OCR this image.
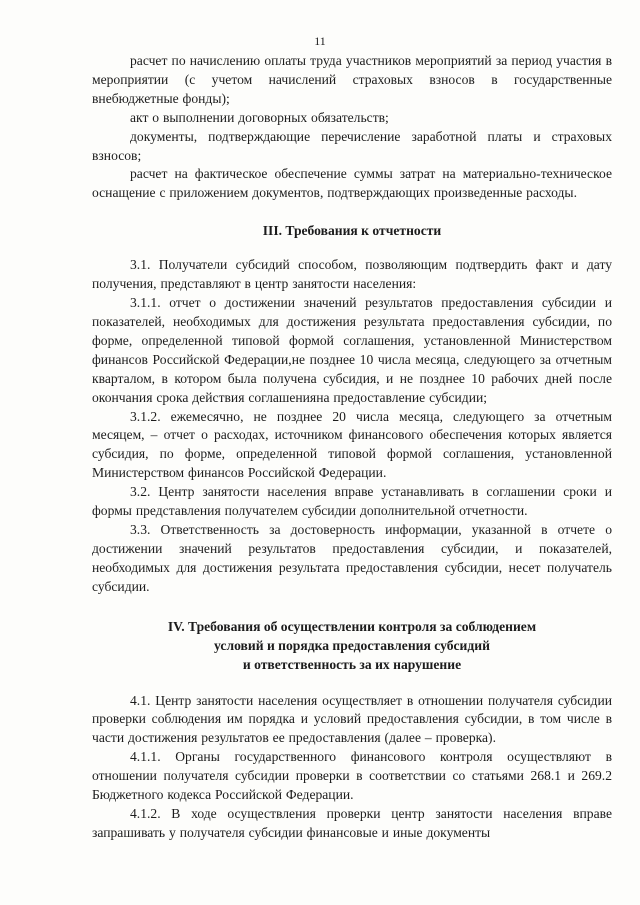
11

расчет по начислению оплаты труда участников мероприятий за период участия в мероприятии (с учетом начислений страховых взносов в государственные внебюджетные фонды);

акт о выполнении договорных обязательств;

документы, подтверждающие перечисление заработной платы и страховых взносов;

расчет на фактическое обеспечение суммы затрат на материально-техническое оснащение с приложением документов, подтверждающих произведенные расходы.

III. Требования к отчетности

3.1. Получатели субсидий способом, позволяющим подтвердить факт и дату получения, представляют в центр занятости населения:

3.1.1. отчет о достижении значений результатов предоставления субсидии и показателей, необходимых для достижения результата предоставления субсидии, по форме, определенной типовой формой соглашения, установленной Министерством финансов Российской Федерации,не позднее 10 числа месяца, следующего за отчетным кварталом, в котором была получена субсидия, и не позднее 10 рабочих дней после окончания срока действия соглашенияна предоставление субсидии;

3.1.2. ежемесячно, не позднее 20 числа месяца, следующего за отчетным месяцем, – отчет о расходах, источником финансового обеспечения которых является субсидия, по форме, определенной типовой формой соглашения, установленной Министерством финансов Российской Федерации.

3.2. Центр занятости населения вправе устанавливать в соглашении сроки и формы представления получателем субсидии дополнительной отчетности.

3.3. Ответственность за достоверность информации, указанной в отчете о достижении значений результатов предоставления субсидии, и показателей, необходимых для достижения результата предоставления субсидии, несет получатель субсидии.

IV. Требования об осуществлении контроля за соблюдением
условий и порядка предоставления субсидий
и ответственность за их нарушение

4.1. Центр занятости населения осуществляет в отношении получателя субсидии проверки соблюдения им порядка и условий предоставления субсидии, в том числе в части достижения результатов ее предоставления (далее – проверка).

4.1.1. Органы государственного финансового контроля осуществляют в отношении получателя субсидии проверки в соответствии со статьями 268.1 и 269.2 Бюджетного кодекса Российской Федерации.

4.1.2. В ходе осуществления проверки центр занятости населения вправе запрашивать у получателя субсидии финансовые и иные документы
